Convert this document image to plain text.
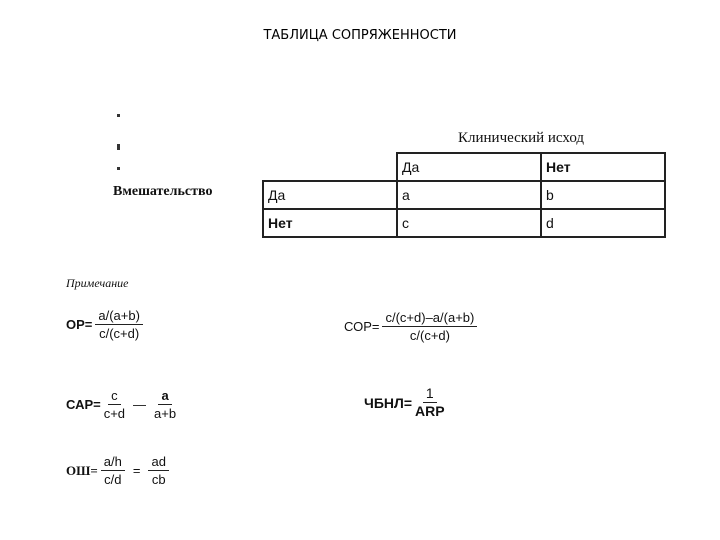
ТАБЛИЦА СОПРЯЖЕННОСТИ
Клинический исход
Вмешательство
	Да	Нет
Да	a	b
Нет	c	d
Примечание
$ОР= \frac{a/(a+b)}{c/(c+d)}$	$СОР= \frac{c/(c+d)-a/(a+b)}{c/(c+d)}$
$САР= \frac{c}{c+d}$ — $\frac{a}{a+b}$	ЧБНЛ= $\frac{1}{\text{ARP}}$
$ОШ= \frac{a/h}{c/d} = \frac{ad}{cb}$
